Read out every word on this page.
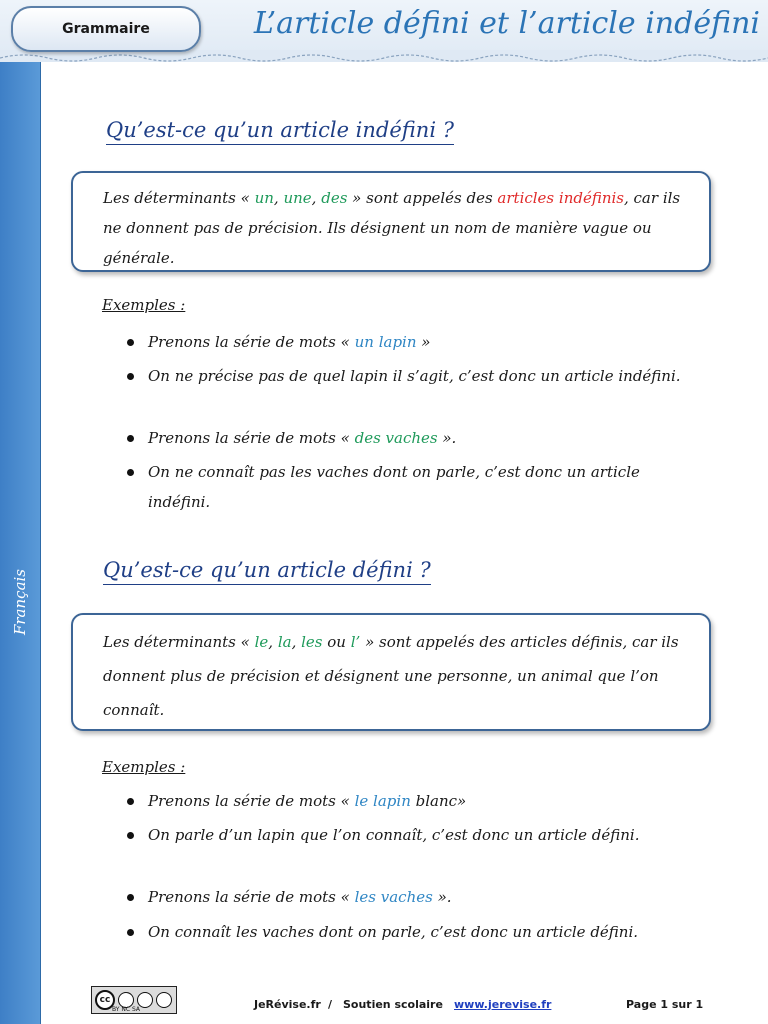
Grammaire	L’article défini et l’article indéfini
Français
Qu’est-ce qu’un article indéfini ?
Les déterminants « un, une, des » sont appelés des articles indéfinis, car ils ne donnent pas de précision. Ils désignent un nom de manière vague ou générale.
Exemples :
Prenons la série de mots « un lapin »
On ne précise pas de quel lapin il s’agit, c’est donc un article indéfini.
Prenons la série de mots « des vaches ».
On ne connaît pas les vaches dont on parle, c’est donc un article indéfini.
Qu’est-ce qu’un article défini ?
Les déterminants « le, la, les ou l’ » sont appelés des articles définis, car ils donnent plus de précision et désignent une personne, un animal que l’on connaît.
Exemples :
Prenons la série de mots « le lapin blanc»
On parle d’un lapin que l’on connaît, c’est donc un article défini.
Prenons la série de mots « les vaches ».
On connaît les vaches dont on parle, c’est donc un article défini.
cc
BY NC SA	JeRévise.fr / Soutien scolaire www.jerevise.fr	Page 1 sur 1
